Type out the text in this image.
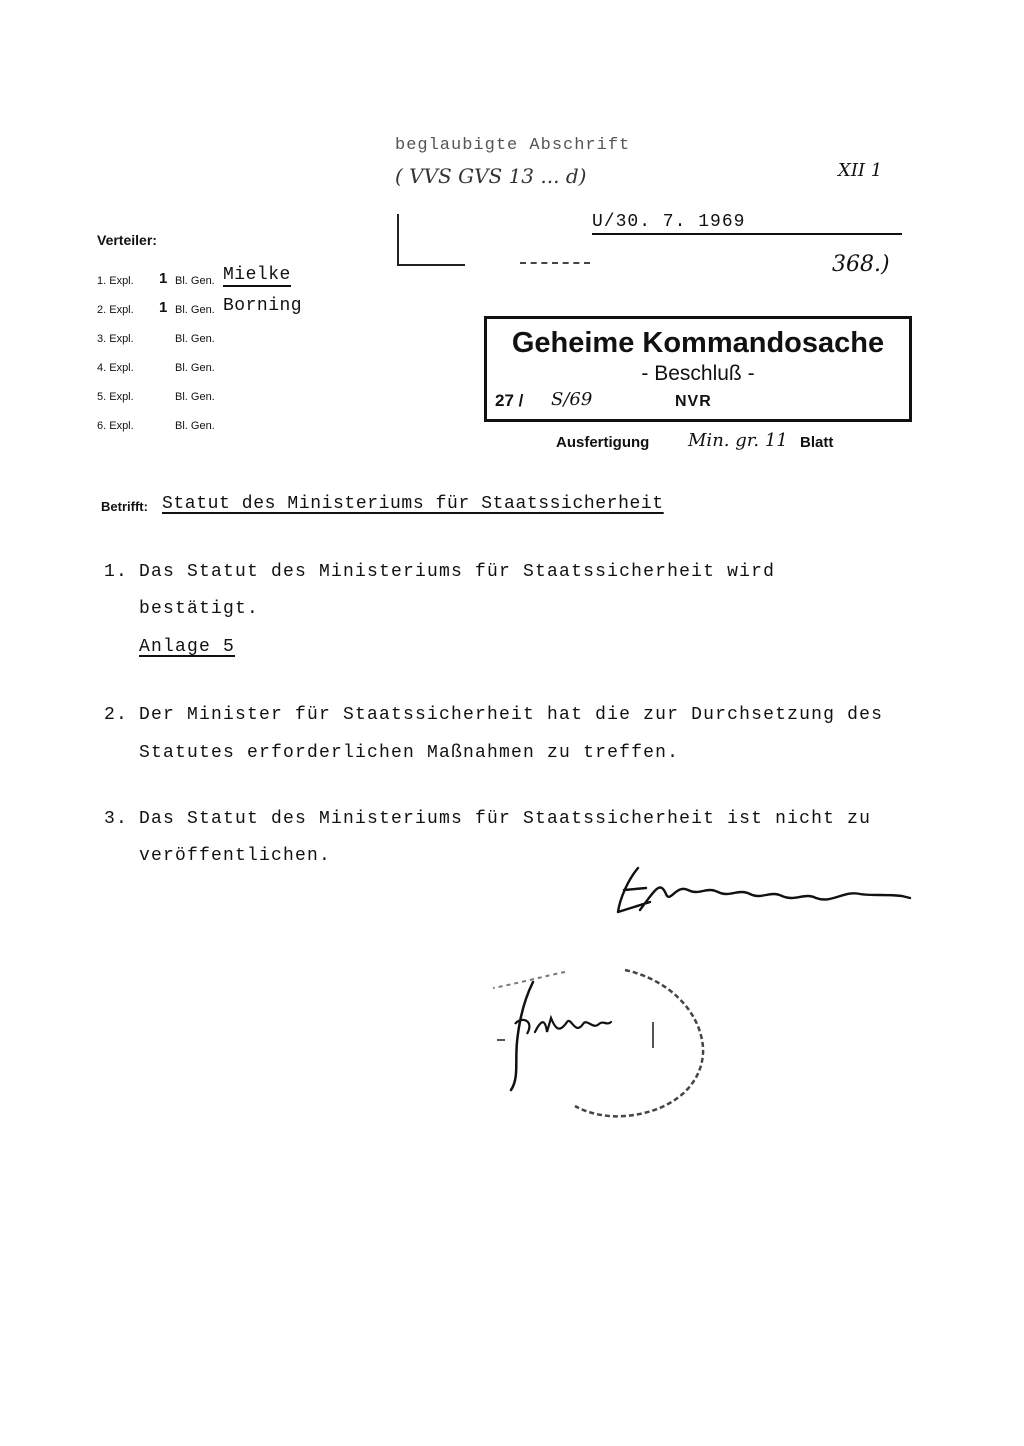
beglaubigte Abschrift
( VVS GVS 13 ... d)	XII 1
U/30. 7. 1969
368.)
Verteiler:
1. Expl.	1 Bl. Gen. Mielke
2. Expl.	1 Bl. Gen. Borning
3. Expl.	Bl. Gen.
4. Expl.	Bl. Gen.
5. Expl.	Bl. Gen.
6. Expl.	Bl. Gen.
Geheime Kommandosache
- Beschluß -
27 / S/69	NVR
Ausfertigung Min. gr. 11 Blatt
Betrifft: Statut des Ministeriums für Staatssicherheit
1. Das Statut des Ministeriums für Staatssicherheit wird
bestätigt.
Anlage 5
2. Der Minister für Staatssicherheit hat die zur Durchsetzung des
Statutes erforderlichen Maßnahmen zu treffen.
3. Das Statut des Ministeriums für Staatssicherheit ist nicht zu
veröffentlichen.
